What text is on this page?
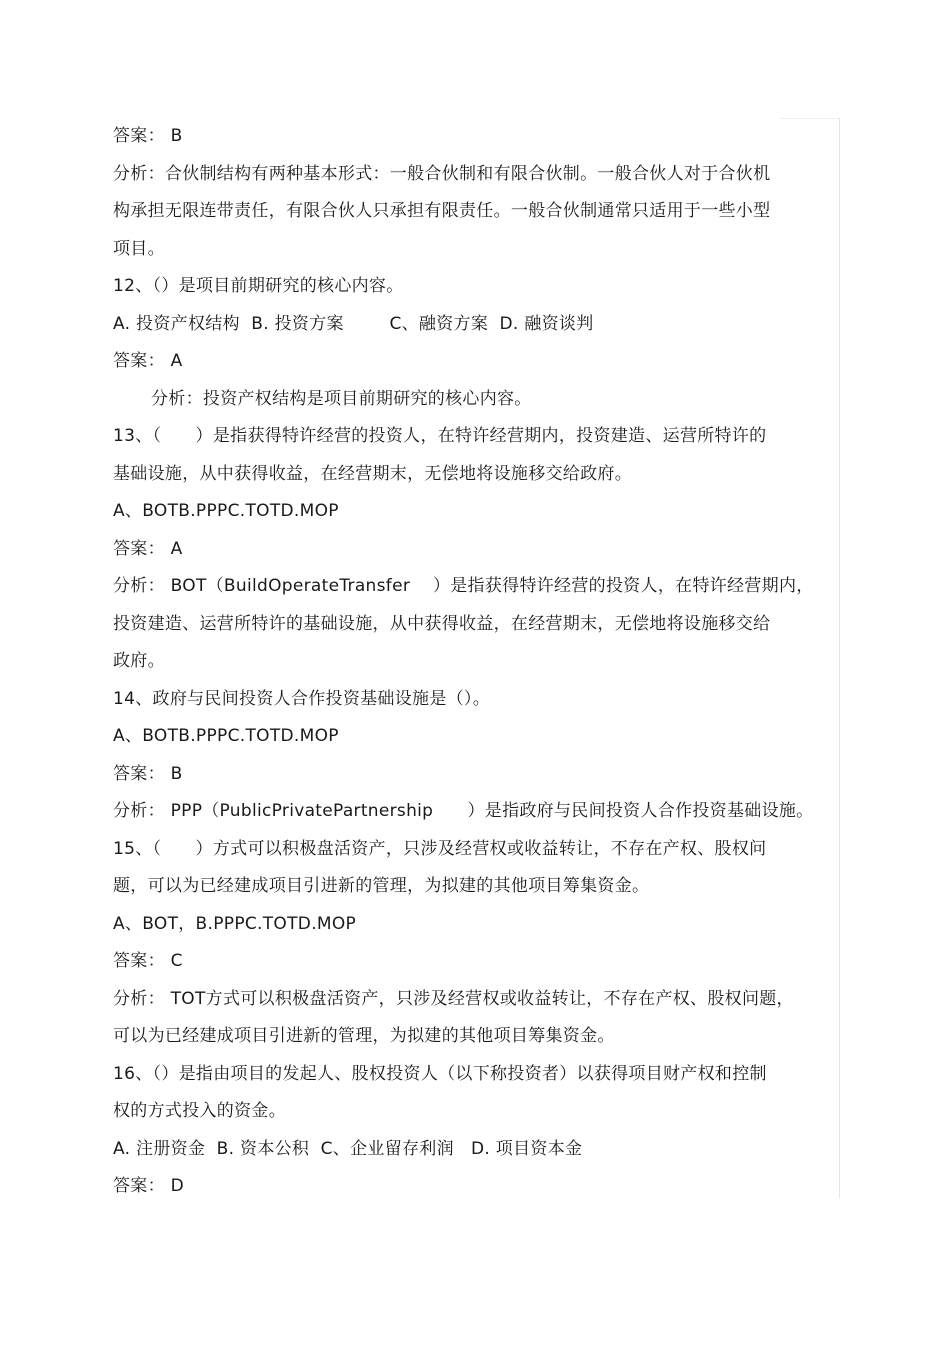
答案： B
分析：合伙制结构有两种基本形式：一般合伙制和有限合伙制。一般合伙人对于合伙机
构承担无限连带责任，有限合伙人只承担有限责任。一般合伙制通常只适用于一些小型
项目。
12、（）是项目前期研究的核心内容。
A. 投资产权结构  B. 投资方案        C、融资方案  D. 融资谈判
答案： A
分析：投资产权结构是项目前期研究的核心内容。
13、（      ）是指获得特许经营的投资人，在特许经营期内，投资建造、运营所特许的
基础设施，从中获得收益，在经营期末，无偿地将设施移交给政府。
A、BOTB.PPPC.TOTD.MOP
答案： A
分析： BOT（BuildOperateTransfer    ）是指获得特许经营的投资人，在特许经营期内，
投资建造、运营所特许的基础设施，从中获得收益，在经营期末，无偿地将设施移交给
政府。
14、政府与民间投资人合作投资基础设施是（）。
A、BOTB.PPPC.TOTD.MOP
答案： B
分析： PPP（PublicPrivatePartnership      ）是指政府与民间投资人合作投资基础设施。
15、（      ）方式可以积极盘活资产，只涉及经营权或收益转让，不存在产权、股权问
题，可以为已经建成项目引进新的管理，为拟建的其他项目筹集资金。
A、BOT，B.PPPC.TOTD.MOP
答案： C
分析： TOT方式可以积极盘活资产，只涉及经营权或收益转让，不存在产权、股权问题，
可以为已经建成项目引进新的管理，为拟建的其他项目筹集资金。
16、（）是指由项目的发起人、股权投资人（以下称投资者）以获得项目财产权和控制
权的方式投入的资金。
A. 注册资金  B. 资本公积  C、企业留存利润   D. 项目资本金
答案： D
